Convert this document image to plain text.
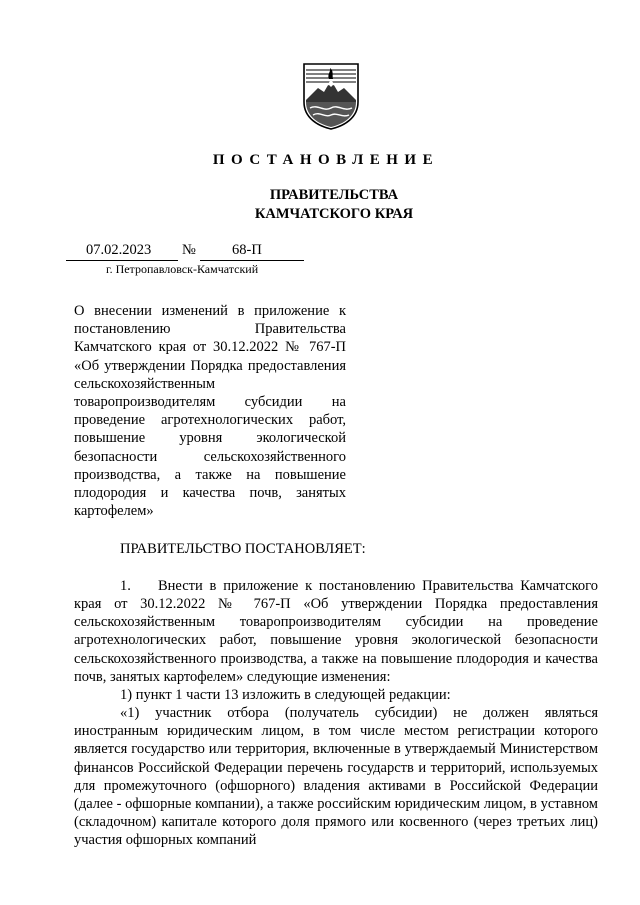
ПОСТАНОВЛЕНИЕ
ПРАВИТЕЛЬСТВА
КАМЧАТСКОГО КРАЯ
07.02.2023 № 68-П
г. Петропавловск-Камчатский
О внесении изменений в приложение к постановлению Правительства Камчатского края от 30.12.2022 № 767-П «Об утверждении Порядка предоставления сельскохозяйственным товаропроизводителям субсидии на проведение агротехнологических работ, повышение уровня экологической безопасности сельскохозяйственного производства, а также на повышение плодородия и качества почв, занятых картофелем»
ПРАВИТЕЛЬСТВО ПОСТАНОВЛЯЕТ:

1. Внести в приложение к постановлению Правительства Камчатского края от 30.12.2022 № 767-П «Об утверждении Порядка предоставления сельскохозяйственным товаропроизводителям субсидии на проведение агротехнологических работ, повышение уровня экологической безопасности сельскохозяйственного производства, а также на повышение плодородия и качества почв, занятых картофелем» следующие изменения:

1) пункт 1 части 13 изложить в следующей редакции:

«1) участник отбора (получатель субсидии) не должен являться иностранным юридическим лицом, в том числе местом регистрации которого является государство или территория, включенные в утверждаемый Министерством финансов Российской Федерации перечень государств и территорий, используемых для промежуточного (офшорного) владения активами в Российской Федерации (далее - офшорные компании), а также российским юридическим лицом, в уставном (складочном) капитале которого доля прямого или косвенного (через третьих лиц) участия офшорных компаний
